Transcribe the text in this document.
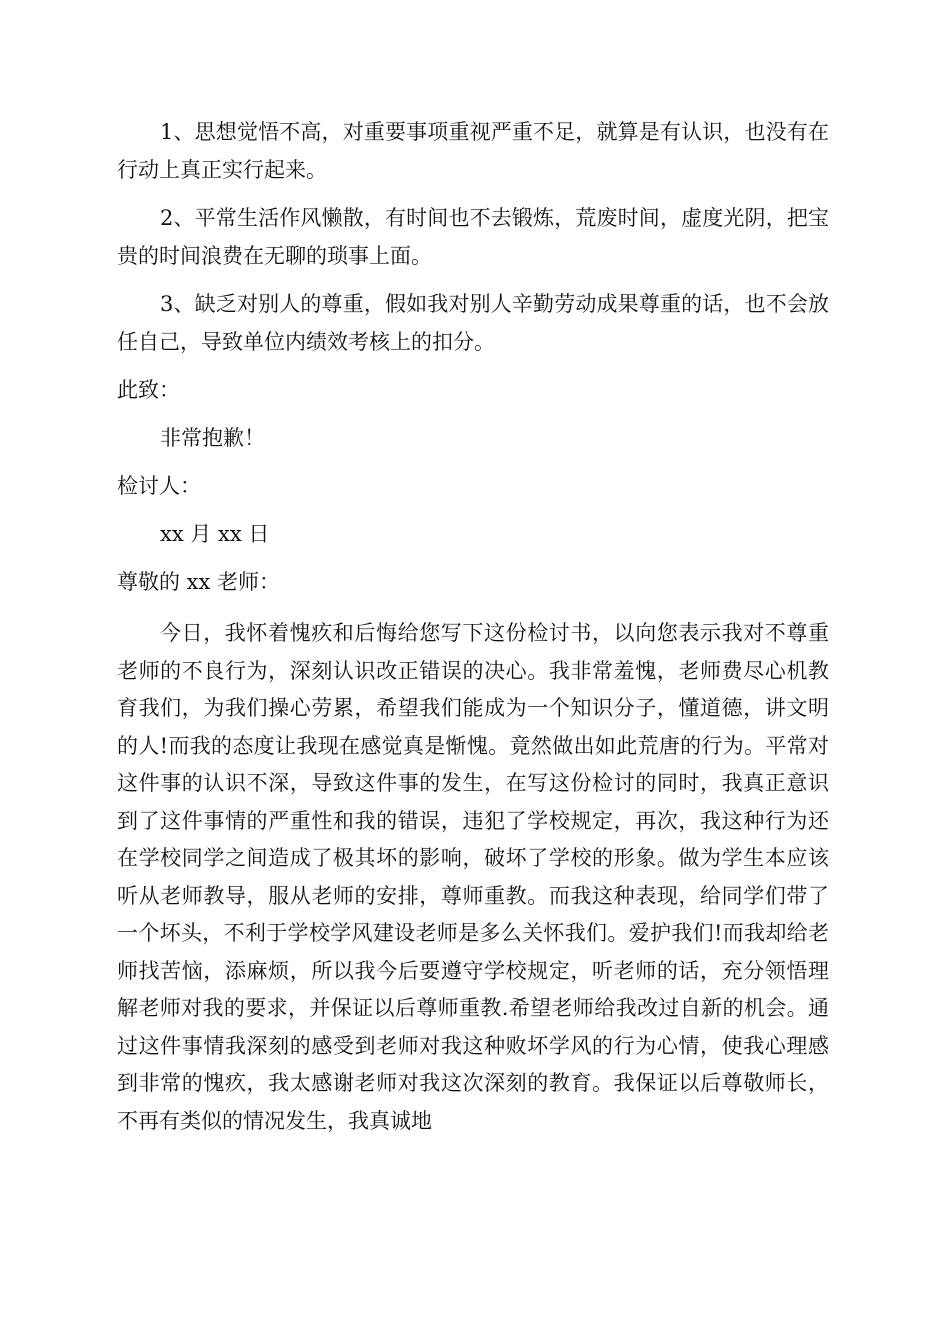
1、思想觉悟不高，对重要事项重视严重不足，就算是有认识，也没有在行动上真正实行起来。

2、平常生活作风懒散，有时间也不去锻炼，荒废时间，虚度光阴，把宝贵的时间浪费在无聊的琐事上面。

3、缺乏对别人的尊重，假如我对别人辛勤劳动成果尊重的话，也不会放任自己，导致单位内绩效考核上的扣分。

此致：

非常抱歉！

检讨人：

xx 月 xx 日

尊敬的 xx 老师：

今日，我怀着愧疚和后悔给您写下这份检讨书，以向您表示我对不尊重老师的不良行为，深刻认识改正错误的决心。我非常羞愧，老师费尽心机教育我们，为我们操心劳累，希望我们能成为一个知识分子，懂道德，讲文明的人!而我的态度让我现在感觉真是惭愧。竟然做出如此荒唐的行为。平常对这件事的认识不深，导致这件事的发生，在写这份检讨的同时，我真正意识到了这件事情的严重性和我的错误，违犯了学校规定，再次，我这种行为还在学校同学之间造成了极其坏的影响，破坏了学校的形象。做为学生本应该听从老师教导，服从老师的安排，尊师重教。而我这种表现，给同学们带了一个坏头，不利于学校学风建设老师是多么关怀我们。爱护我们!而我却给老师找苦恼，添麻烦，所以我今后要遵守学校规定，听老师的话，充分领悟理解老师对我的要求，并保证以后尊师重教.希望老师给我改过自新的机会。通过这件事情我深刻的感受到老师对我这种败坏学风的行为心情，使我心理感到非常的愧疚，我太感谢老师对我这次深刻的教育。我保证以后尊敬师长，不再有类似的情况发生，我真诚地
